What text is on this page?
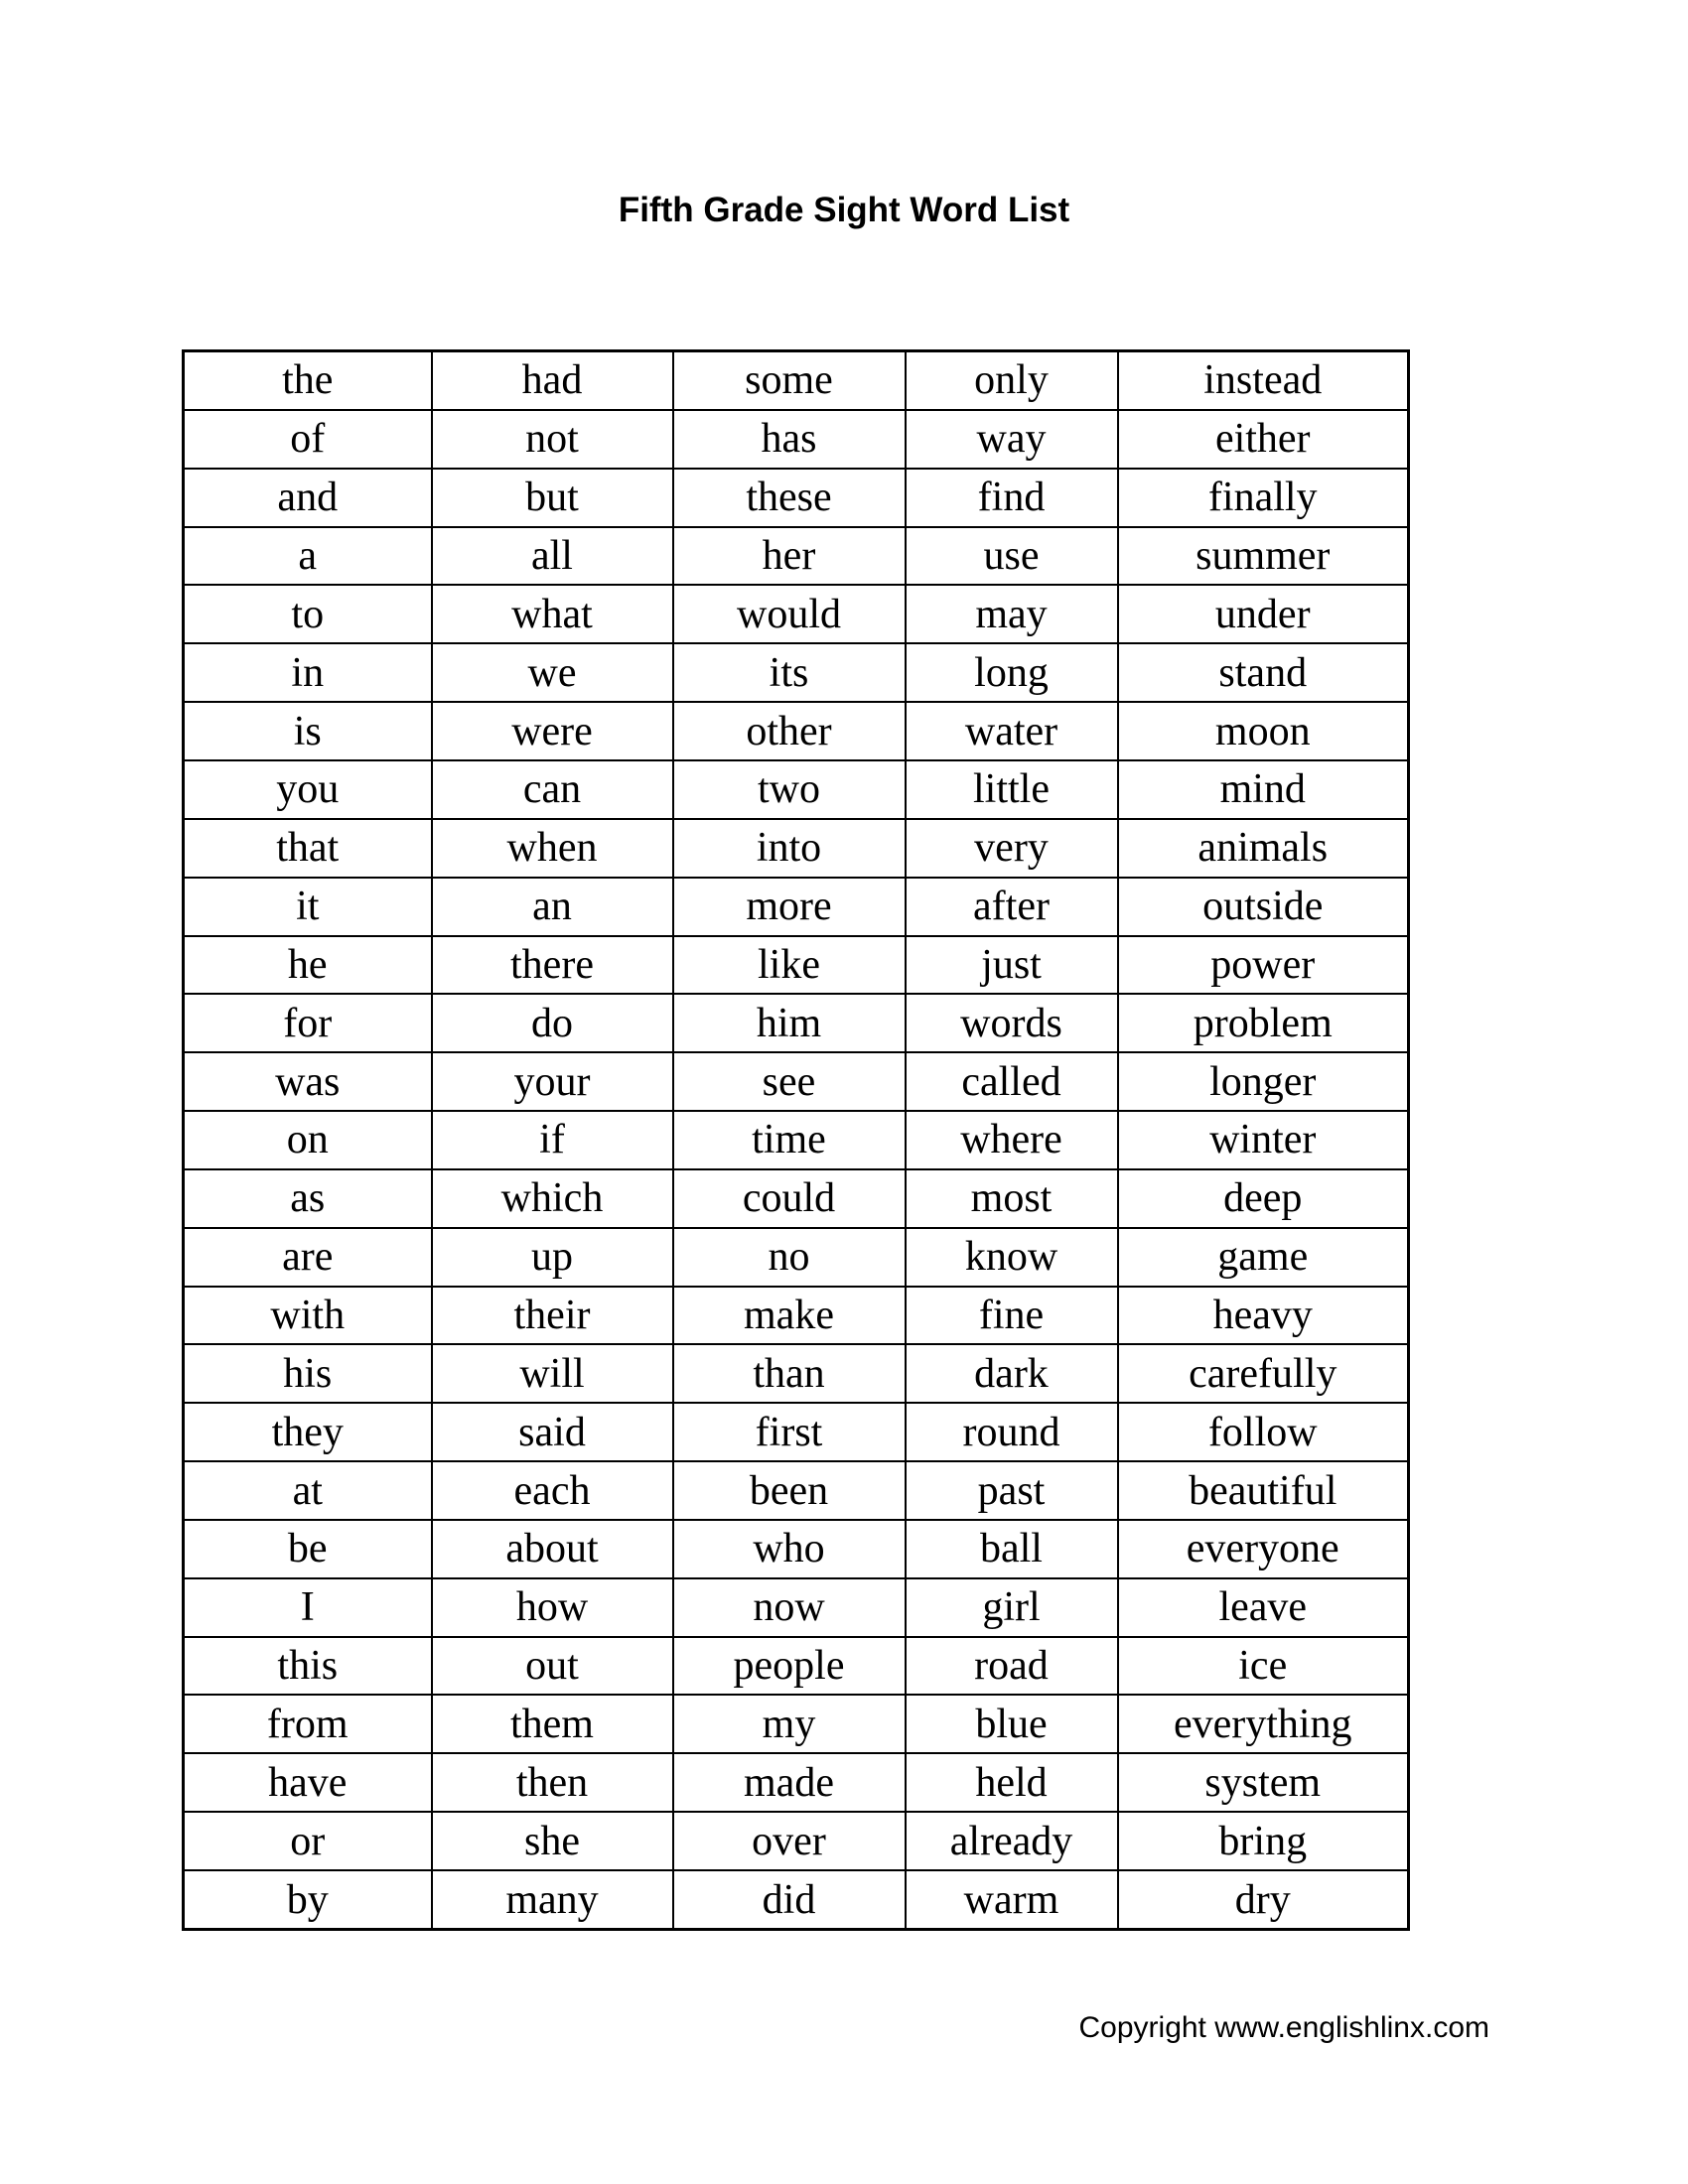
Fifth Grade Sight Word List
the	had	some	only	instead
of	not	has	way	either
and	but	these	find	finally
a	all	her	use	summer
to	what	would	may	under
in	we	its	long	stand
is	were	other	water	moon
you	can	two	little	mind
that	when	into	very	animals
it	an	more	after	outside
he	there	like	just	power
for	do	him	words	problem
was	your	see	called	longer
on	if	time	where	winter
as	which	could	most	deep
are	up	no	know	game
with	their	make	fine	heavy
his	will	than	dark	carefully
they	said	first	round	follow
at	each	been	past	beautiful
be	about	who	ball	everyone
I	how	now	girl	leave
this	out	people	road	ice
from	them	my	blue	everything
have	then	made	held	system
or	she	over	already	bring
by	many	did	warm	dry
Copyright www.englishlinx.com
